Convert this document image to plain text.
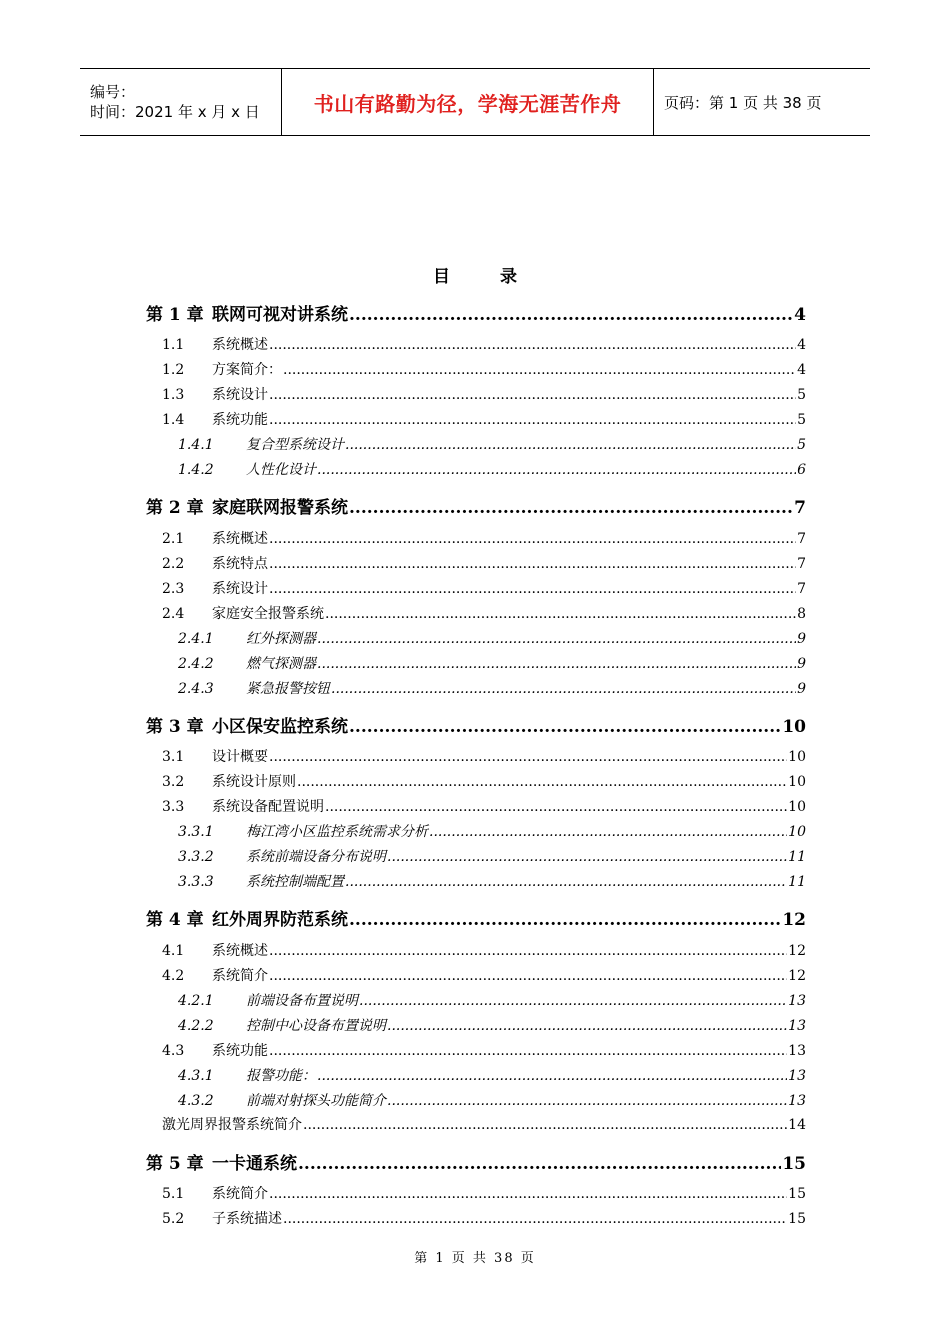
编号：
时间：2021 年 x 月 x 日	书山有路勤为径，学海无涯苦作舟	页码：第 1 页 共 38 页
目 录
第 1 章 联网可视对讲系统 .....	4
1.1	系统概述 .....	4
1.2	方案简介： .....	4
1.3	系统设计 .....	5
1.4	系统功能 .....	5
1.4.1	复合型系统设计 .....	5
1.4.2	人性化设计 .....	6
第 2 章 家庭联网报警系统 .....	7
2.1	系统概述 .....	7
2.2	系统特点 .....	7
2.3	系统设计 .....	7
2.4	家庭安全报警系统 .....	8
2.4.1	红外探测器 .....	9
2.4.2	燃气探测器 .....	9
2.4.3	紧急报警按钮 .....	9
第 3 章 小区保安监控系统 .....	10
3.1	设计概要 .....	10
3.2	系统设计原则 .....	10
3.3	系统设备配置说明 .....	10
3.3.1	梅江湾小区监控系统需求分析 .....	10
3.3.2	系统前端设备分布说明 .....	11
3.3.3	系统控制端配置 .....	11
第 4 章 红外周界防范系统 .....	12
4.1	系统概述 .....	12
4.2	系统简介 .....	12
4.2.1	前端设备布置说明 .....	13
4.2.2	控制中心设备布置说明 .....	13
4.3	系统功能 .....	13
4.3.1	报警功能： .....	13
4.3.2	前端对射探头功能简介 .....	13
激光周界报警系统简介 .....	14
第 5 章 一卡通系统 .....	15
5.1	系统简介 .....	15
5.2	子系统描述 .....	15
第 1 页 共 38 页
